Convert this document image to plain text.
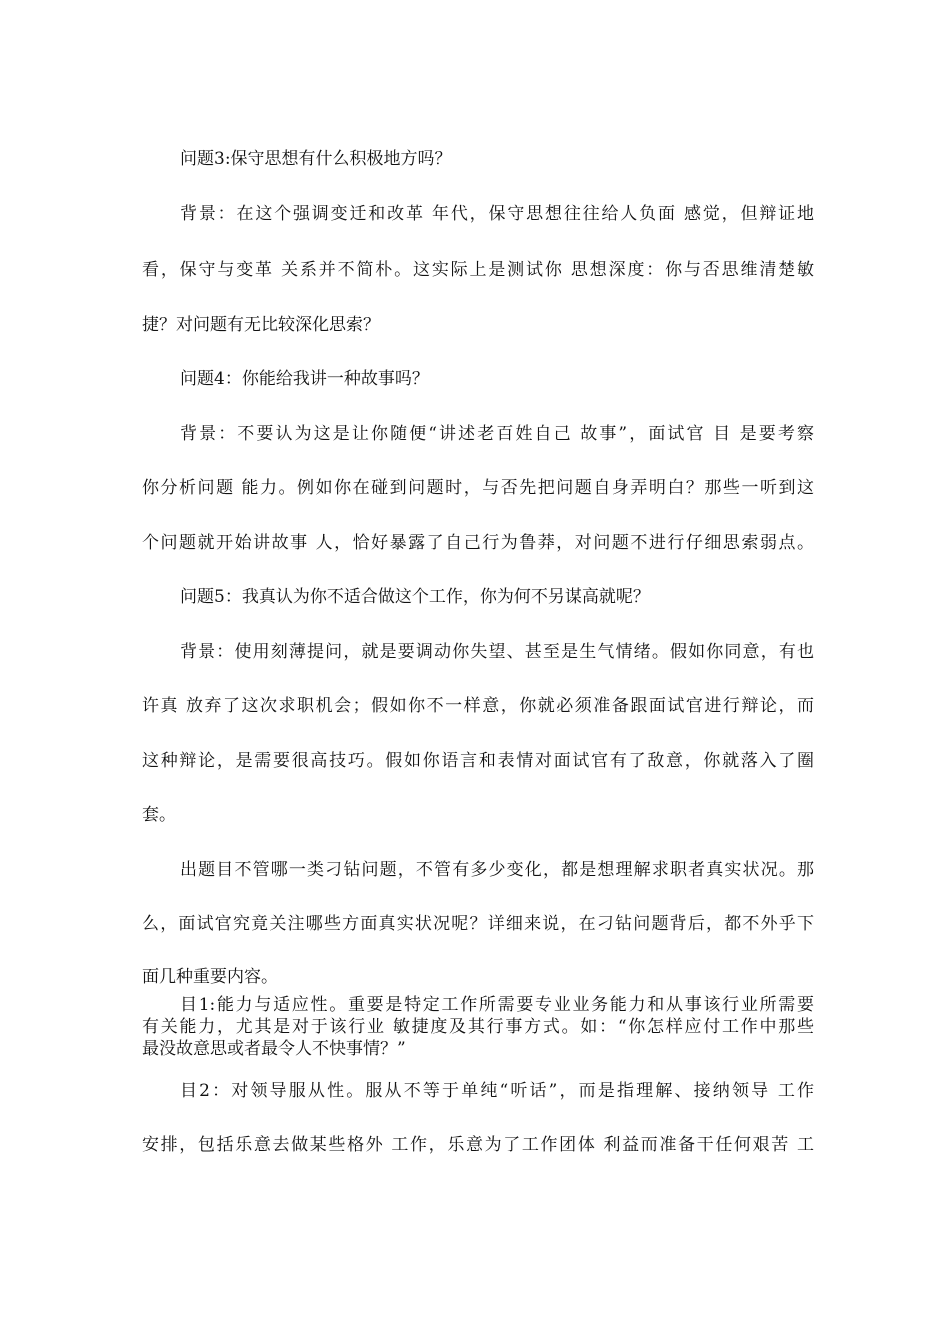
问题3:保守思想有什么积极地方吗？
背景：在这个强调变迁和改革 年代，保守思想往往给人负面 感觉，但辩证地
看，保守与变革 关系并不简朴。这实际上是测试你 思想深度：你与否思维清楚敏
捷？对问题有无比较深化思索？
问题4：你能给我讲一种故事吗？
背景：不要认为这是让你随便“讲述老百姓自己 故事”，面试官 目 是要考察
你分析问题 能力。例如你在碰到问题时，与否先把问题自身弄明白？那些一听到这
个问题就开始讲故事 人，恰好暴露了自己行为鲁莽，对问题不进行仔细思索弱点。
问题5：我真认为你不适合做这个工作，你为何不另谋高就呢？
背景：使用刻薄提问，就是要调动你失望、甚至是生气情绪。假如你同意，有也
许真 放弃了这次求职机会；假如你不一样意，你就必须准备跟面试官进行辩论，而
这种辩论，是需要很高技巧。假如你语言和表情对面试官有了敌意，你就落入了圈
套。
出题目不管哪一类刁钻问题，不管有多少变化，都是想理解求职者真实状况。那
么，面试官究竟关注哪些方面真实状况呢？详细来说，在刁钻问题背后，都不外乎下
面几种重要内容。
目1:能力与适应性。重要是特定工作所需要专业业务能力和从事该行业所需要
有关能力，尤其是对于该行业 敏捷度及其行事方式。如：“你怎样应付工作中那些
最没故意思或者最令人不快事情？”
目2：对领导服从性。服从不等于单纯“听话”，而是指理解、接纳领导 工作
安排，包括乐意去做某些格外 工作，乐意为了工作团体 利益而准备干任何艰苦 工
